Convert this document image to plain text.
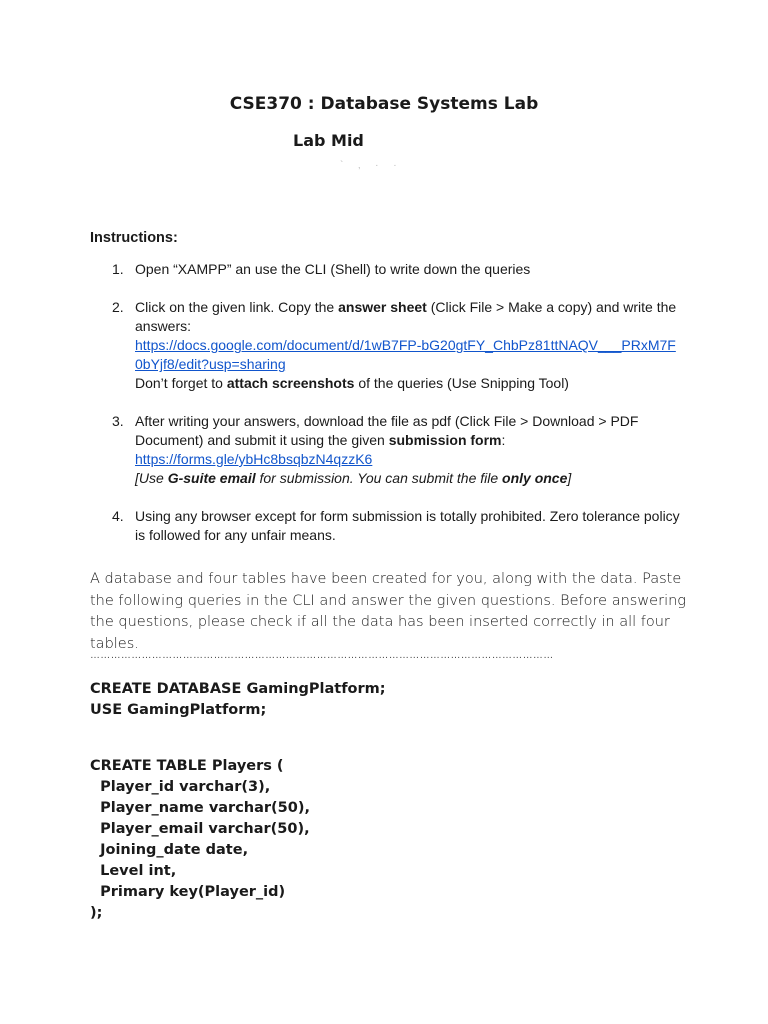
CSE370 : Database Systems Lab
Lab Mid
` ‚ · ·
Instructions:
1. Open “XAMPP” an use the CLI (Shell) to write down the queries
2. Click on the given link. Copy the answer sheet (Click File > Make a copy) and write the answers:
https://docs.google.com/document/d/1wB7FP-bG20gtFY_ChbPz81ttNAQV___PRxM7F0bYjf8/edit?usp=sharing
Don’t forget to attach screenshots of the queries (Use Snipping Tool)
3. After writing your answers, download the file as pdf (Click File > Download > PDF Document) and submit it using the given submission form:
https://forms.gle/ybHc8bsqbzN4qzzK6
[Use G-suite email for submission. You can submit the file only once]
4. Using any browser except for form submission is totally prohibited. Zero tolerance policy is followed for any unfair means.
A database and four tables have been created for you, along with the data. Paste the following queries in the CLI and answer the given questions. Before answering the questions, please check if all the data has been inserted correctly in all four tables.
………………………………………………………………………………………………………………………
CREATE DATABASE GamingPlatform;
USE GamingPlatform;
CREATE TABLE Players (
Player_id varchar(3),
Player_name varchar(50),
Player_email varchar(50),
Joining_date date,
Level int,
Primary key(Player_id)
);
